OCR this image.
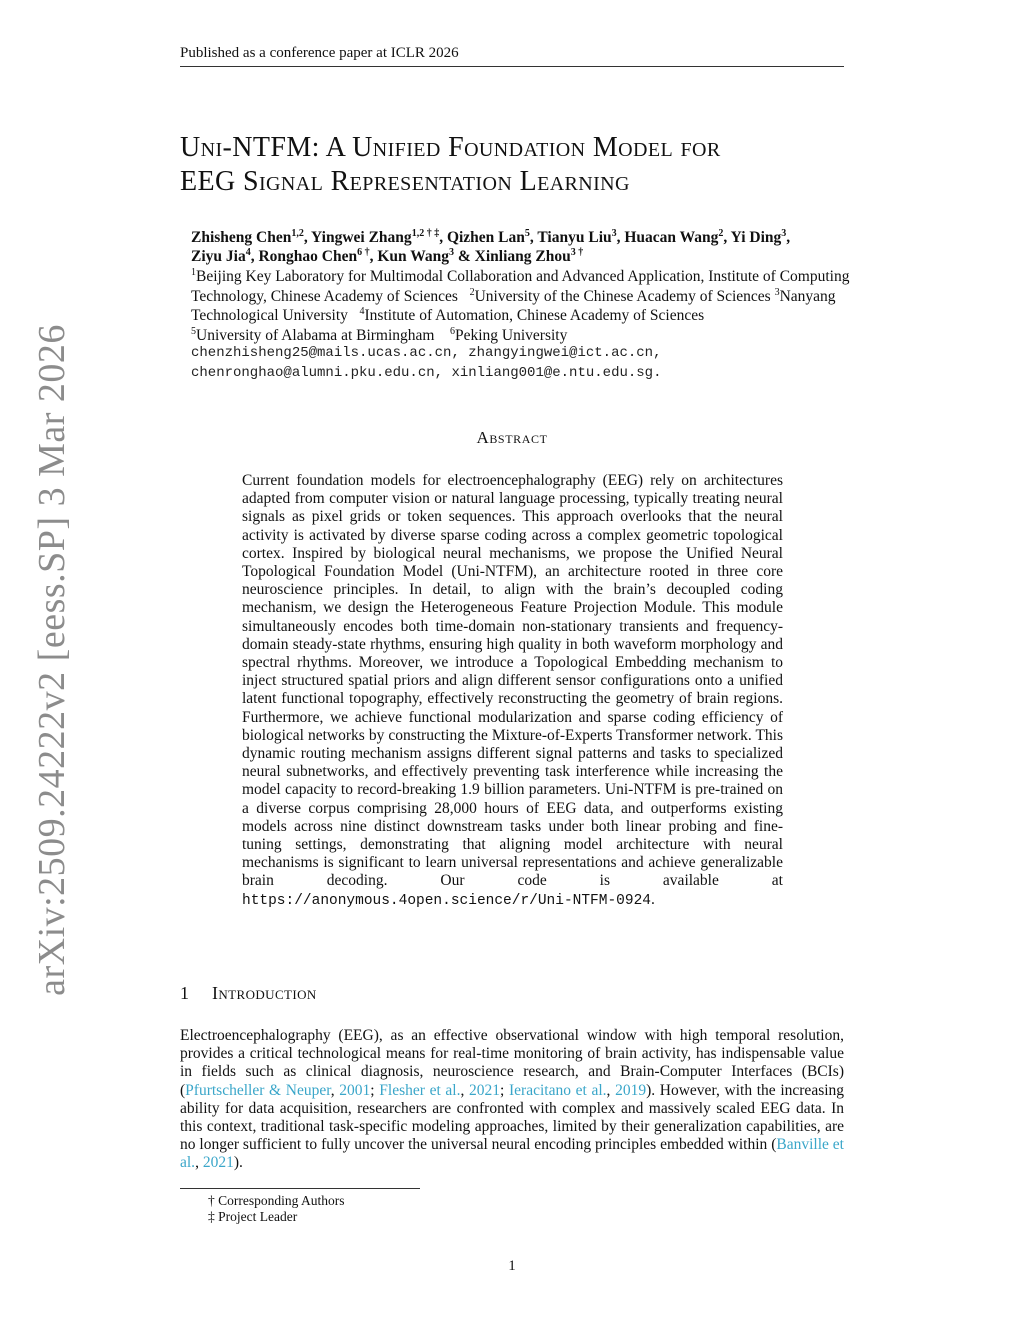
Published as a conference paper at ICLR 2026
arXiv:2509.24222v2 [eess.SP] 3 Mar 2026
Uni-NTFM: A Unified Foundation Model for
EEG Signal Representation Learning
Zhisheng Chen$^{1,2}$, Yingwei Zhang$^{1,2 \dagger \ddagger}$, Qizhen Lan$^5$, Tianyu Liu$^3$, Huacan Wang$^2$, Yi Ding$^3$,
Ziyu Jia$^4$, Ronghao Chen$^{6 \dagger}$, Kun Wang$^3$ & Xinliang Zhou$^{3 \dagger}$
$^1$Beijing Key Laboratory for Multimodal Collaboration and Advanced Application, Institute of Computing Technology, Chinese Academy of Sciences $^2$University of the Chinese Academy of Sciences $^3$Nanyang Technological University $^4$Institute of Automation, Chinese Academy of Sciences
$^5$University of Alabama at Birmingham $^6$Peking University
chenzhisheng25@mails.ucas.ac.cn, zhangyingwei@ict.ac.cn,
chenronghao@alumni.pku.edu.cn, xinliang001@e.ntu.edu.sg.
Abstract
Current foundation models for electroencephalography (EEG) rely on architectures adapted from computer vision or natural language processing, typically treating neural signals as pixel grids or token sequences. This approach overlooks that the neural activity is activated by diverse sparse coding across a complex geometric topological cortex. Inspired by biological neural mechanisms, we propose the Unified Neural Topological Foundation Model (Uni-NTFM), an architecture rooted in three core neuroscience principles. In detail, to align with the brain’s decoupled coding mechanism, we design the Heterogeneous Feature Projection Module. This module simultaneously encodes both time-domain non-stationary transients and frequency-domain steady-state rhythms, ensuring high quality in both waveform morphology and spectral rhythms. Moreover, we introduce a Topological Embedding mechanism to inject structured spatial priors and align different sensor configurations onto a unified latent functional topography, effectively reconstructing the geometry of brain regions. Furthermore, we achieve functional modularization and sparse coding efficiency of biological networks by constructing the Mixture-of-Experts Transformer network. This dynamic routing mechanism assigns different signal patterns and tasks to specialized neural subnetworks, and effectively preventing task interference while increasing the model capacity to record-breaking 1.9 billion parameters. Uni-NTFM is pre-trained on a diverse corpus comprising 28,000 hours of EEG data, and outperforms existing models across nine distinct downstream tasks under both linear probing and fine-tuning settings, demonstrating that aligning model architecture with neural mechanisms is significant to learn universal representations and achieve generalizable brain decoding. Our code is available at https://anonymous.4open.science/r/Uni-NTFM-0924.
1 Introduction
Electroencephalography (EEG), as an effective observational window with high temporal resolution, provides a critical technological means for real-time monitoring of brain activity, has indispensable value in fields such as clinical diagnosis, neuroscience research, and Brain-Computer Interfaces (BCIs) (Pfurtscheller & Neuper, 2001; Flesher et al., 2021; Ieracitano et al., 2019). However, with the increasing ability for data acquisition, researchers are confronted with complex and massively scaled EEG data. In this context, traditional task-specific modeling approaches, limited by their generalization capabilities, are no longer sufficient to fully uncover the universal neural encoding principles embedded within (Banville et al., 2021).
† Corresponding Authors
‡ Project Leader
1
